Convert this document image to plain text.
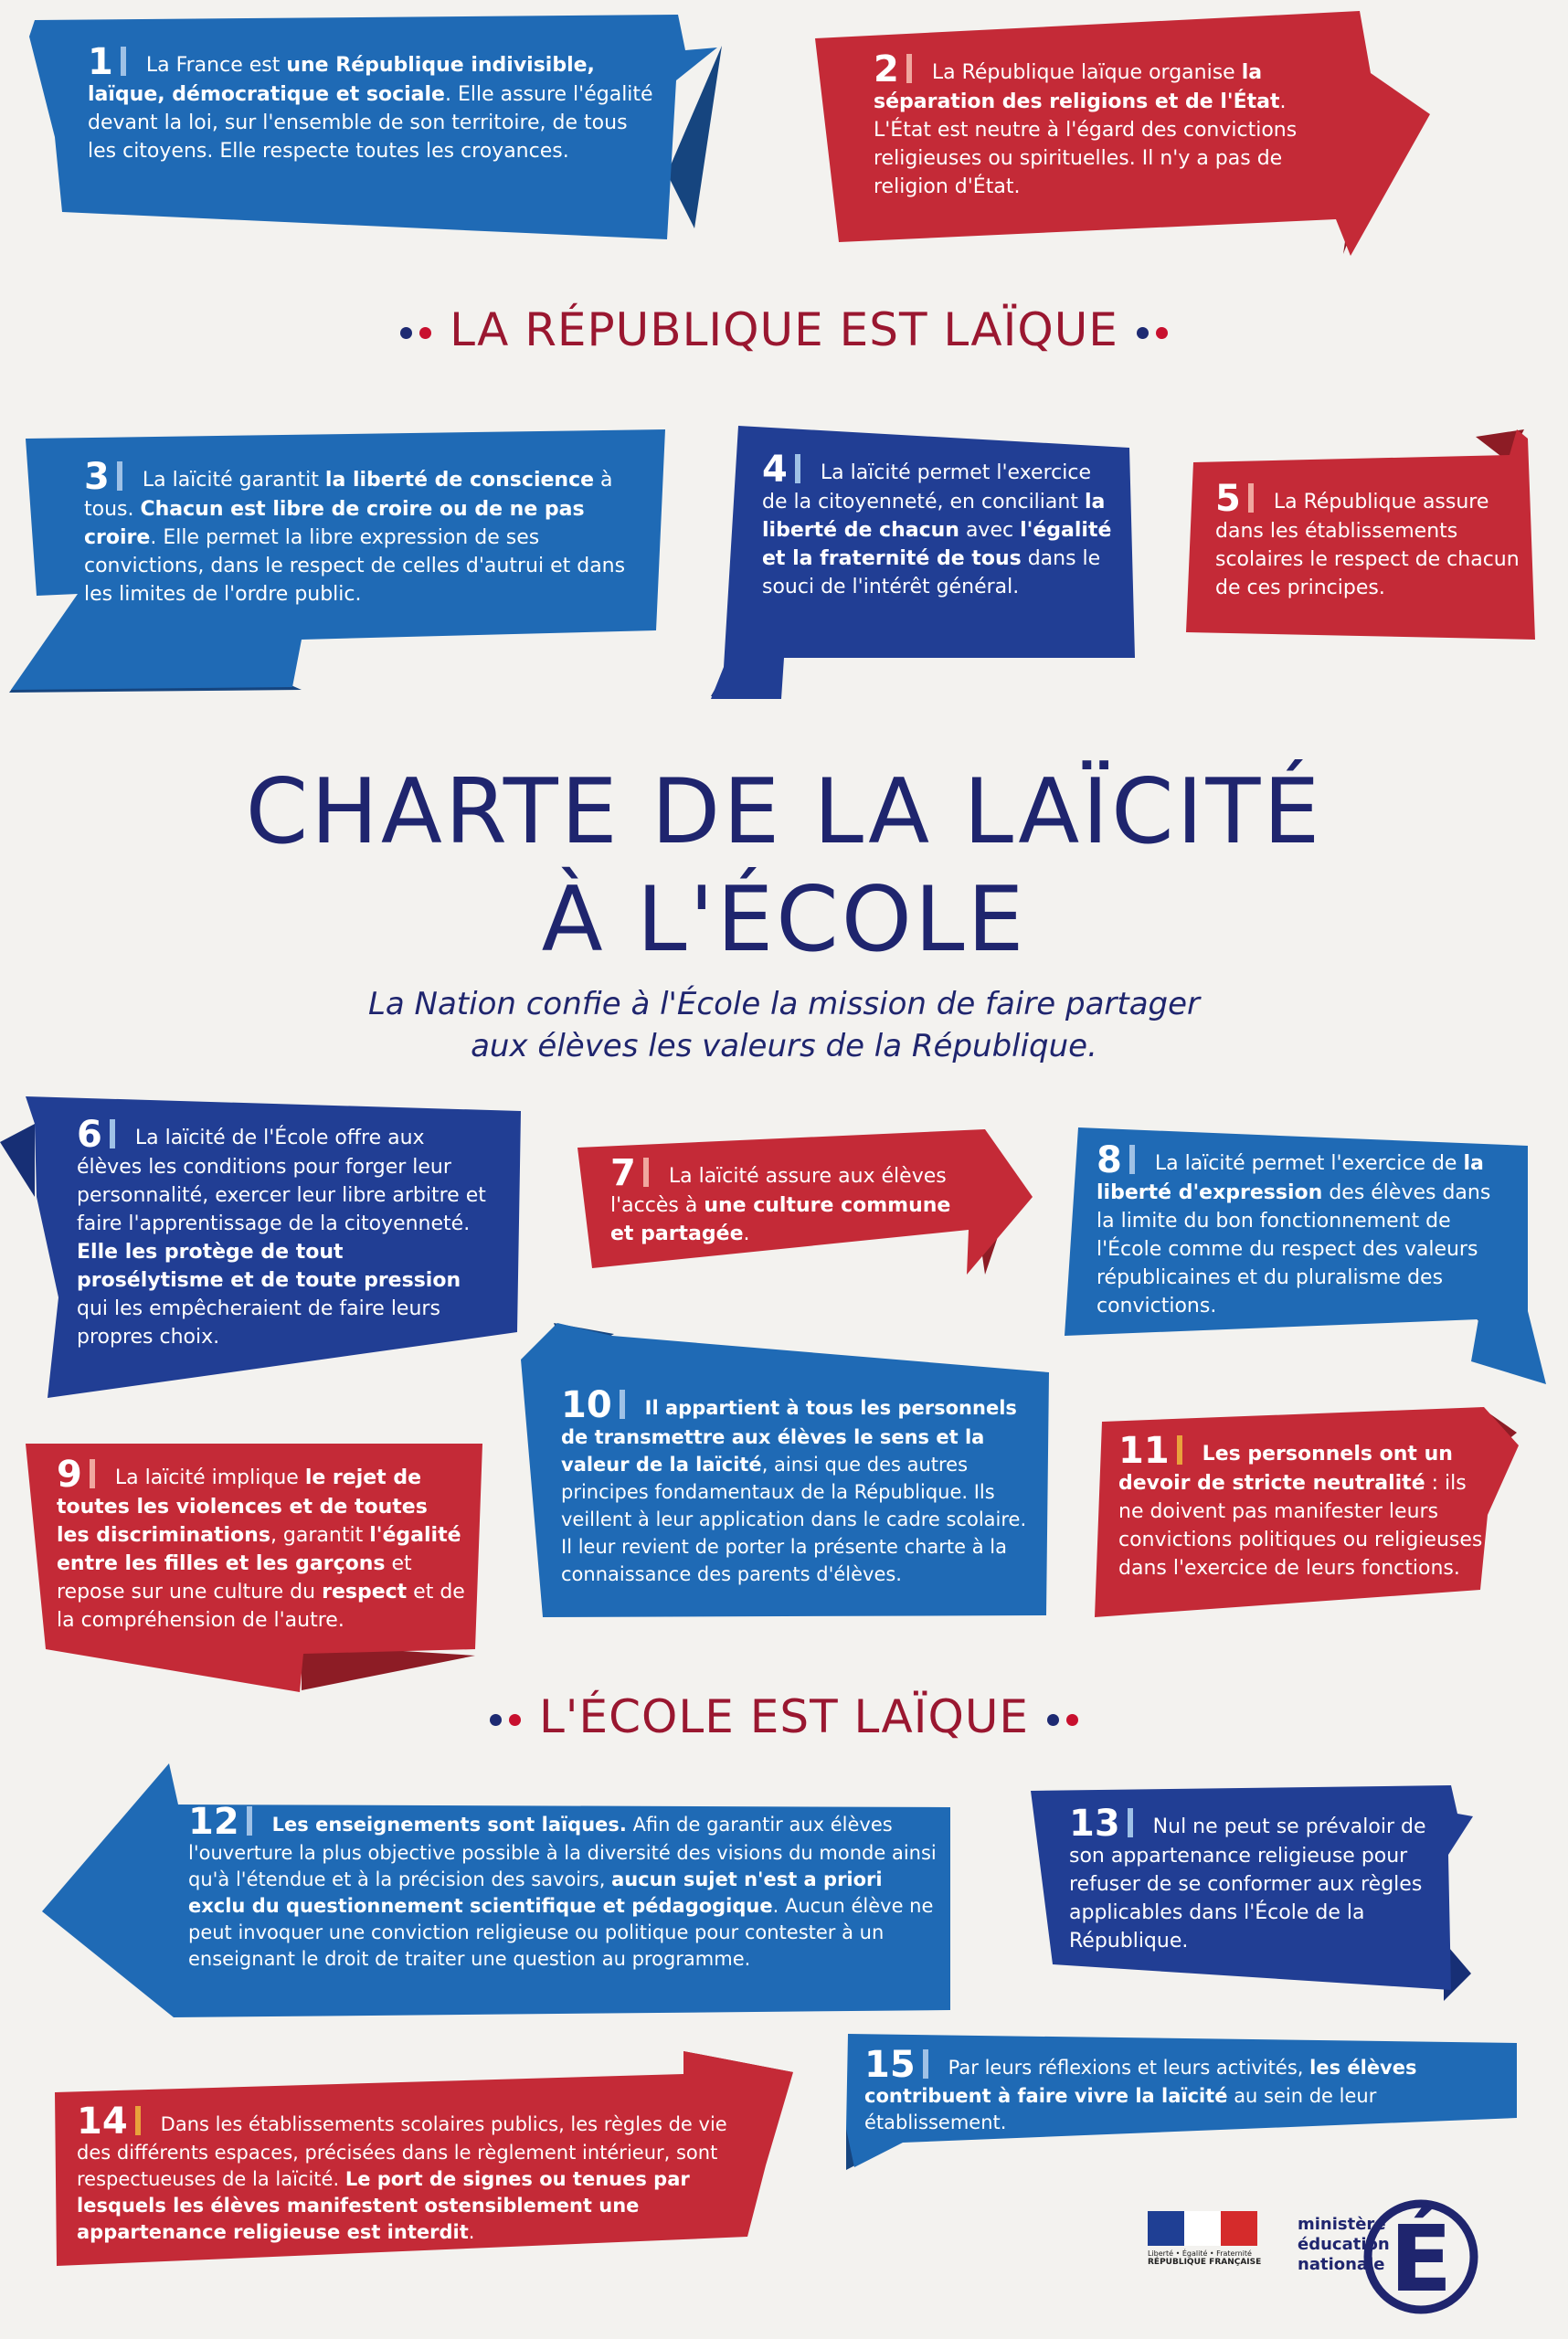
1 La France est une République indivisible, laïque, démocratique et sociale. Elle assure l'égalité devant la loi, sur l'ensemble de son territoire, de tous les citoyens. Elle respecte toutes les croyances.
2 La République laïque organise la séparation des religions et de l'État. L'État est neutre à l'égard des convictions religieuses ou spirituelles. Il n'y a pas de religion d'État.
LA RÉPUBLIQUE EST LAÏQUE
3 La laïcité garantit la liberté de conscience à tous. Chacun est libre de croire ou de ne pas croire. Elle permet la libre expression de ses convictions, dans le respect de celles d'autrui et dans les limites de l'ordre public.
4 La laïcité permet l'exercice de la citoyenneté, en conciliant la liberté de chacun avec l'égalité et la fraternité de tous dans le souci de l'intérêt général.
5 La République assure dans les établissements scolaires le respect de chacun de ces principes.
CHARTE DE LA LAÏCITÉ
À L'ÉCOLE
La Nation confie à l'École la mission de faire partager
aux élèves les valeurs de la République.
6 La laïcité de l'École offre aux élèves les conditions pour forger leur personnalité, exercer leur libre arbitre et faire l'apprentissage de la citoyenneté. Elle les protège de tout prosélytisme et de toute pression qui les empêcheraient de faire leurs propres choix.
7 La laïcité assure aux élèves l'accès à une culture commune et partagée.
8 La laïcité permet l'exercice de la liberté d'expression des élèves dans la limite du bon fonctionnement de l'École comme du respect des valeurs républicaines et du pluralisme des convictions.
10 Il appartient à tous les personnels de transmettre aux élèves le sens et la valeur de la laïcité, ainsi que des autres principes fondamentaux de la République. Ils veillent à leur application dans le cadre scolaire. Il leur revient de porter la présente charte à la connaissance des parents d'élèves.
9 La laïcité implique le rejet de toutes les violences et de toutes les discriminations, garantit l'égalité entre les filles et les garçons et repose sur une culture du respect et de la compréhension de l'autre.
11 Les personnels ont un devoir de stricte neutralité : ils ne doivent pas manifester leurs convictions politiques ou religieuses dans l'exercice de leurs fonctions.
L'ÉCOLE EST LAÏQUE
12 Les enseignements sont laïques. Afin de garantir aux élèves l'ouverture la plus objective possible à la diversité des visions du monde ainsi qu'à l'étendue et à la précision des savoirs, aucun sujet n'est a priori exclu du questionnement scientifique et pédagogique. Aucun élève ne peut invoquer une conviction religieuse ou politique pour contester à un enseignant le droit de traiter une question au programme.
13 Nul ne peut se prévaloir de son appartenance religieuse pour refuser de se conformer aux règles applicables dans l'École de la République.
15 Par leurs réflexions et leurs activités, les élèves contribuent à faire vivre la laïcité au sein de leur établissement.
14 Dans les établissements scolaires publics, les règles de vie des différents espaces, précisées dans le règlement intérieur, sont respectueuses de la laïcité. Le port de signes ou tenues par lesquels les élèves manifestent ostensiblement une appartenance religieuse est interdit.
Liberté • Égalité • Fraternité
RÉPUBLIQUE FRANÇAISE
ministère
éducation
nationale É
